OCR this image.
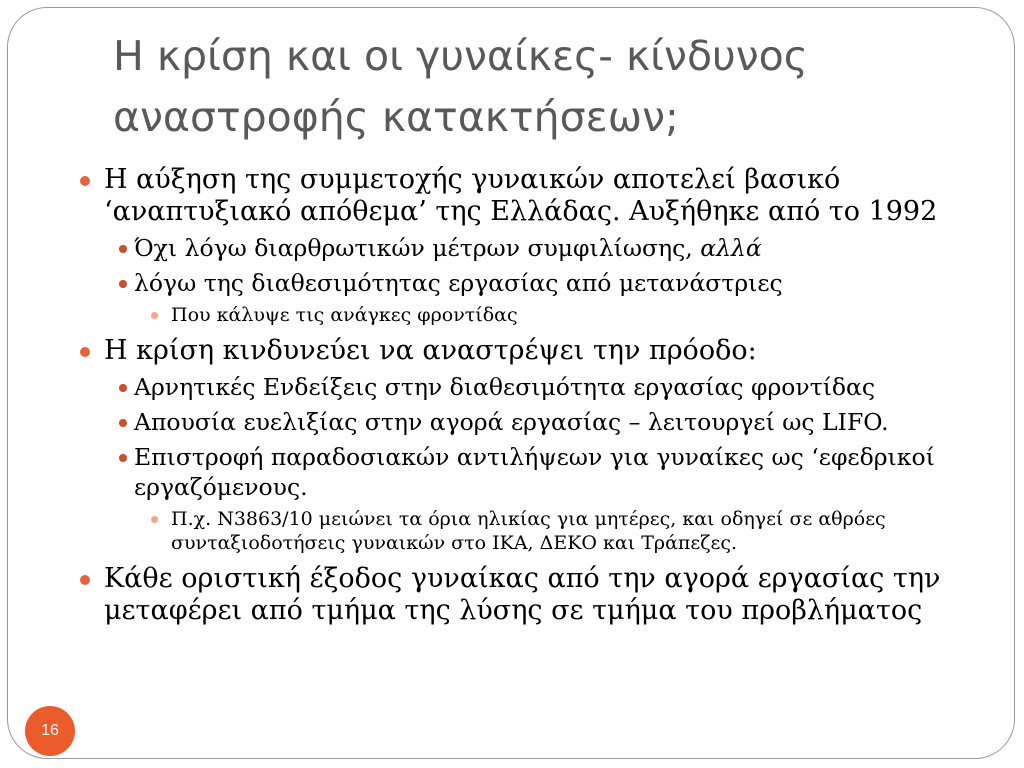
Η κρίση και οι γυναίκες- κίνδυνος αναστροφής κατακτήσεων;
Η αύξηση της συμμετοχής γυναικών αποτελεί βασικό ‘αναπτυξιακό απόθεμα’ της Ελλάδας. Αυξήθηκε από το 1992
Όχι λόγω διαρθρωτικών μέτρων συμφιλίωσης, αλλά
λόγω της διαθεσιμότητας εργασίας από μετανάστριες
Που κάλυψε τις ανάγκες φροντίδας
Η κρίση κινδυνεύει να αναστρέψει την πρόοδο:
Αρνητικές Ενδείξεις στην διαθεσιμότητα εργασίας φροντίδας
Απουσία ευελιξίας στην αγορά εργασίας – λειτουργεί ως LIFO.
Επιστροφή παραδοσιακών αντιλήψεων για γυναίκες ως ‘εφεδρικοί εργαζόμενους.
Π.χ. Ν3863/10 μειώνει τα όρια ηλικίας για μητέρες, και οδηγεί σε αθρόες συνταξιοδοτήσεις γυναικών στο ΙΚΑ, ΔΕΚΟ και Τράπεζες.
Κάθε οριστική έξοδος γυναίκας από την αγορά εργασίας την μεταφέρει από τμήμα της λύσης σε τμήμα του προβλήματος
16
